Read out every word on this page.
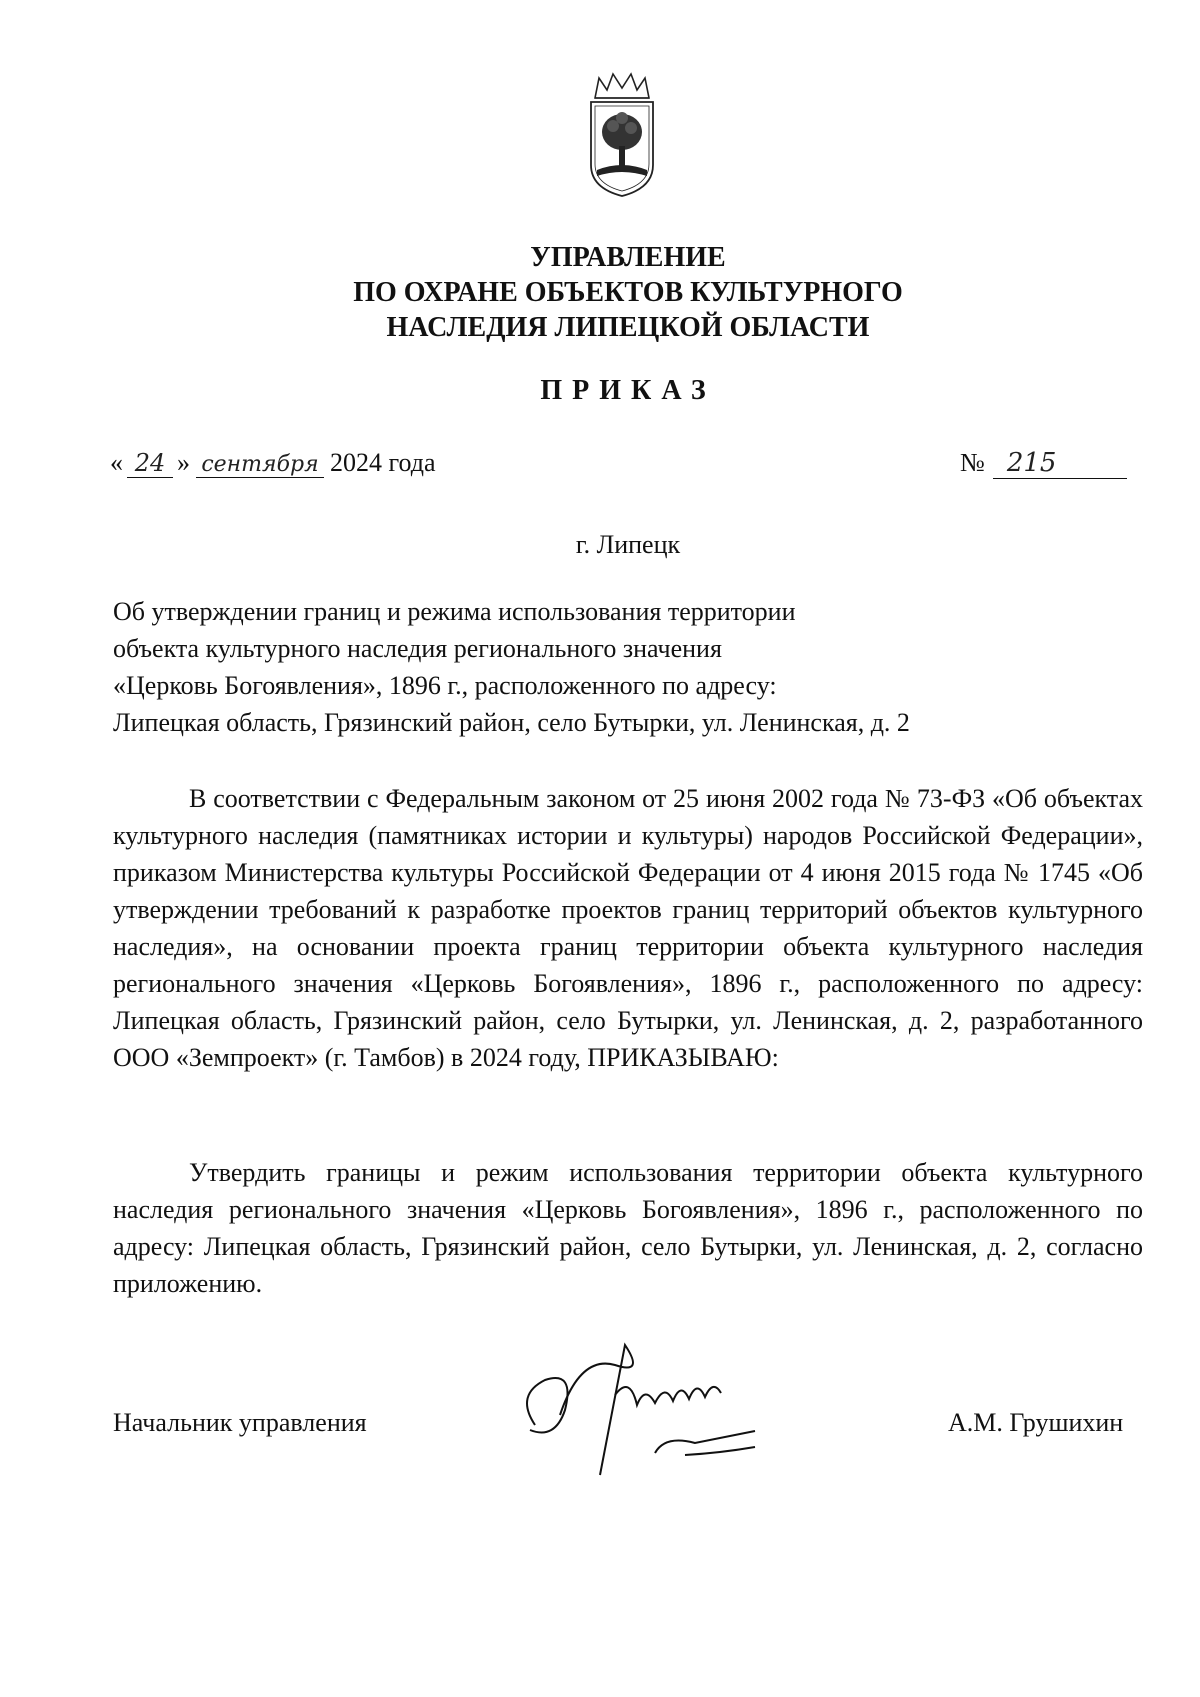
УПРАВЛЕНИЕ
ПО ОХРАНЕ ОБЪЕКТОВ КУЛЬТУРНОГО
НАСЛЕДИЯ ЛИПЕЦКОЙ ОБЛАСТИ
ПРИКАЗ
« 24 » сентября 2024 года	№ 215
г. Липецк
Об утверждении границ и режима использования территории
объекта культурного наследия регионального значения
«Церковь Богоявления», 1896 г., расположенного по адресу:
Липецкая область, Грязинский район, село Бутырки, ул. Ленинская, д. 2
В соответствии с Федеральным законом от 25 июня 2002 года № 73-ФЗ «Об объектах культурного наследия (памятниках истории и культуры) народов Российской Федерации», приказом Министерства культуры Российской Федерации от 4 июня 2015 года № 1745 «Об утверждении требований к разработке проектов границ территорий объектов культурного наследия», на основании проекта границ территории объекта культурного наследия регионального значения «Церковь Богоявления», 1896 г., расположенного по адресу: Липецкая область, Грязинский район, село Бутырки, ул. Ленинская, д. 2, разработанного ООО «Земпроект» (г. Тамбов) в 2024 году, ПРИКАЗЫВАЮ:
Утвердить границы и режим использования территории объекта культурного наследия регионального значения «Церковь Богоявления», 1896 г., расположенного по адресу: Липецкая область, Грязинский район, село Бутырки, ул. Ленинская, д. 2, согласно приложению.
Начальник управления	А.М. Грушихин
